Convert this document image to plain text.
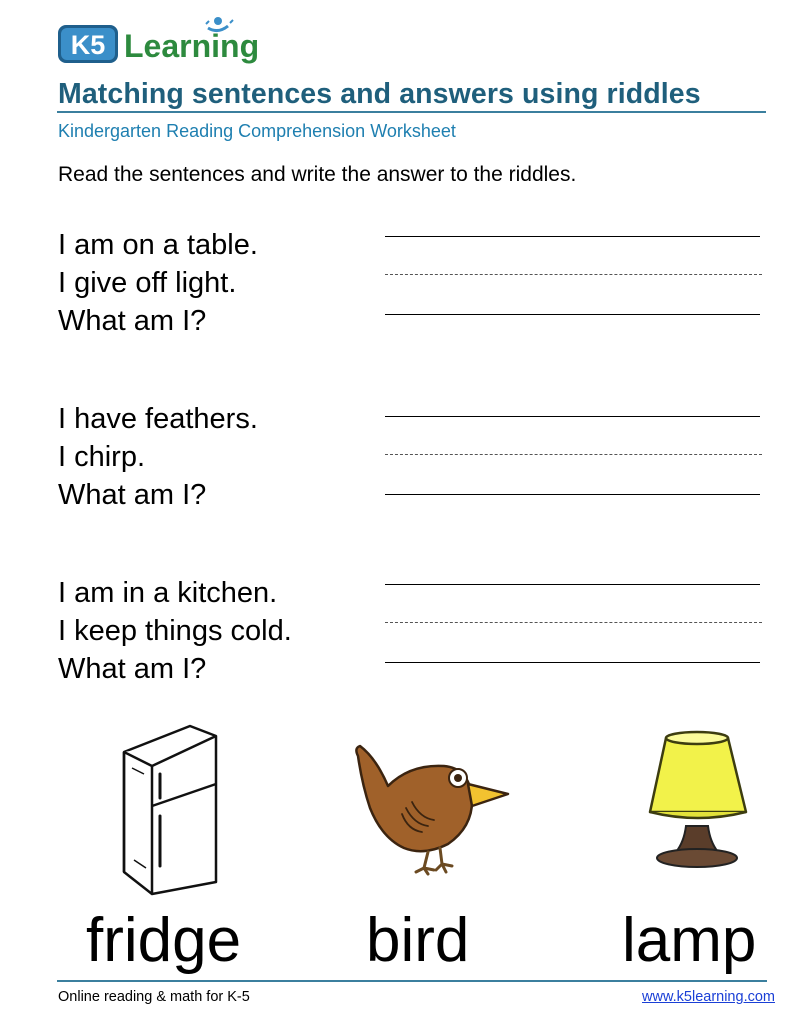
K5 Learning
Matching sentences and answers using riddles

Kindergarten Reading Comprehension Worksheet

Read the sentences and write the answer to the riddles.

I am on a table.
I give off light.
What am I?
I have feathers.
I chirp.
What am I?
I am in a kitchen.
I keep things cold.
What am I?

fridge bird lamp

Online reading & math for K-5	www.k5learning.com
